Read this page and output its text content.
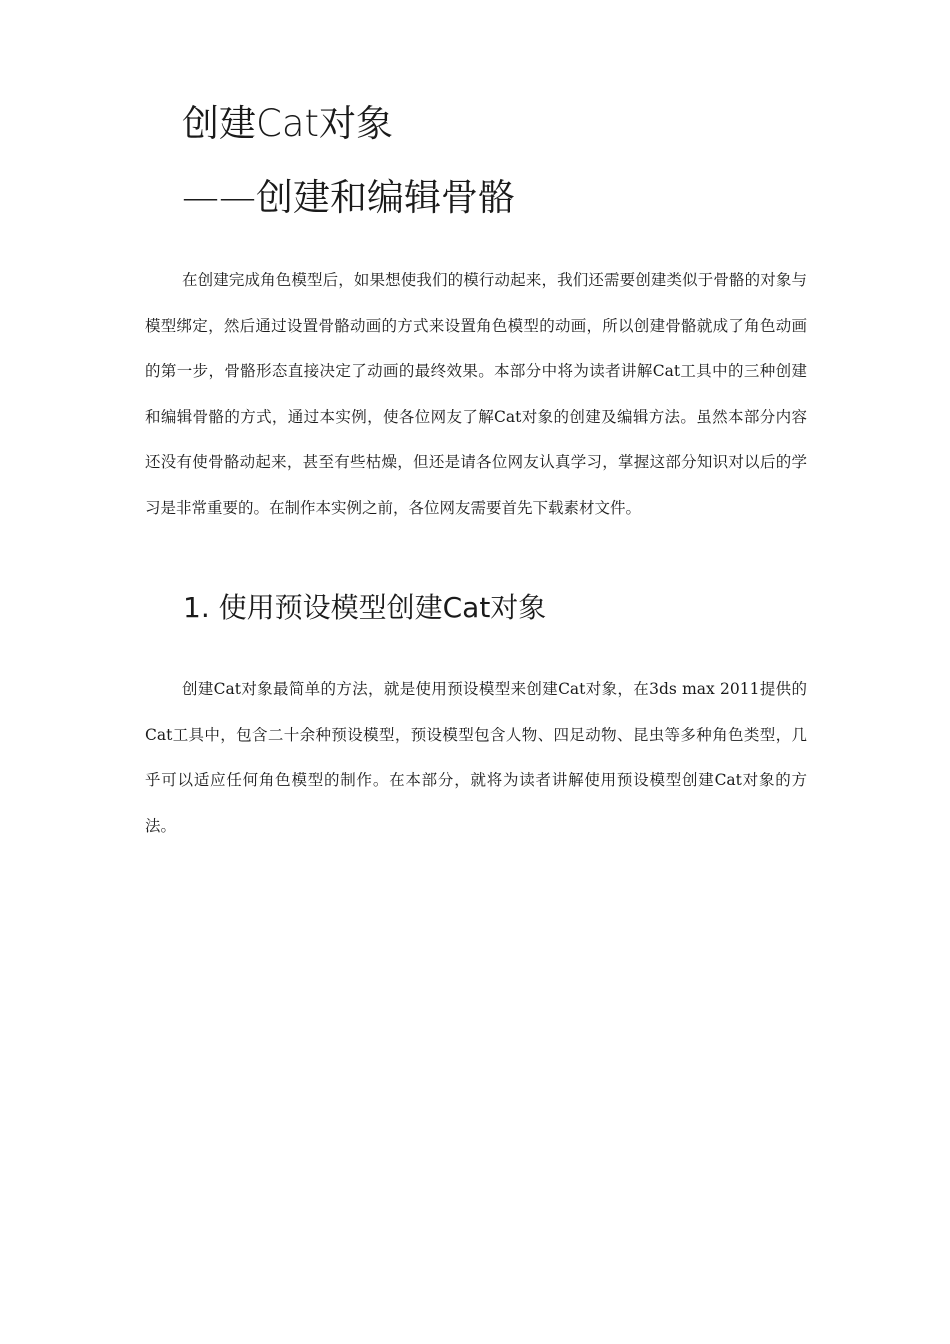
创建Cat对象
——创建和编辑骨骼

在创建完成角色模型后，如果想使我们的模行动起来，我们还需要创建类似于骨骼的对象与模型绑定，然后通过设置骨骼动画的方式来设置角色模型的动画，所以创建骨骼就成了角色动画的第一步，骨骼形态直接决定了动画的最终效果。本部分中将为读者讲解Cat工具中的三种创建和编辑骨骼的方式，通过本实例，使各位网友了解Cat对象的创建及编辑方法。虽然本部分内容还没有使骨骼动起来，甚至有些枯燥，但还是请各位网友认真学习，掌握这部分知识对以后的学习是非常重要的。在制作本实例之前，各位网友需要首先下载素材文件。

1. 使用预设模型创建Cat对象

创建Cat对象最简单的方法，就是使用预设模型来创建Cat对象，在3ds max 2011提供的Cat工具中，包含二十余种预设模型，预设模型包含人物、四足动物、昆虫等多种角色类型，几乎可以适应任何角色模型的制作。在本部分，就将为读者讲解使用预设模型创建Cat对象的方法。
